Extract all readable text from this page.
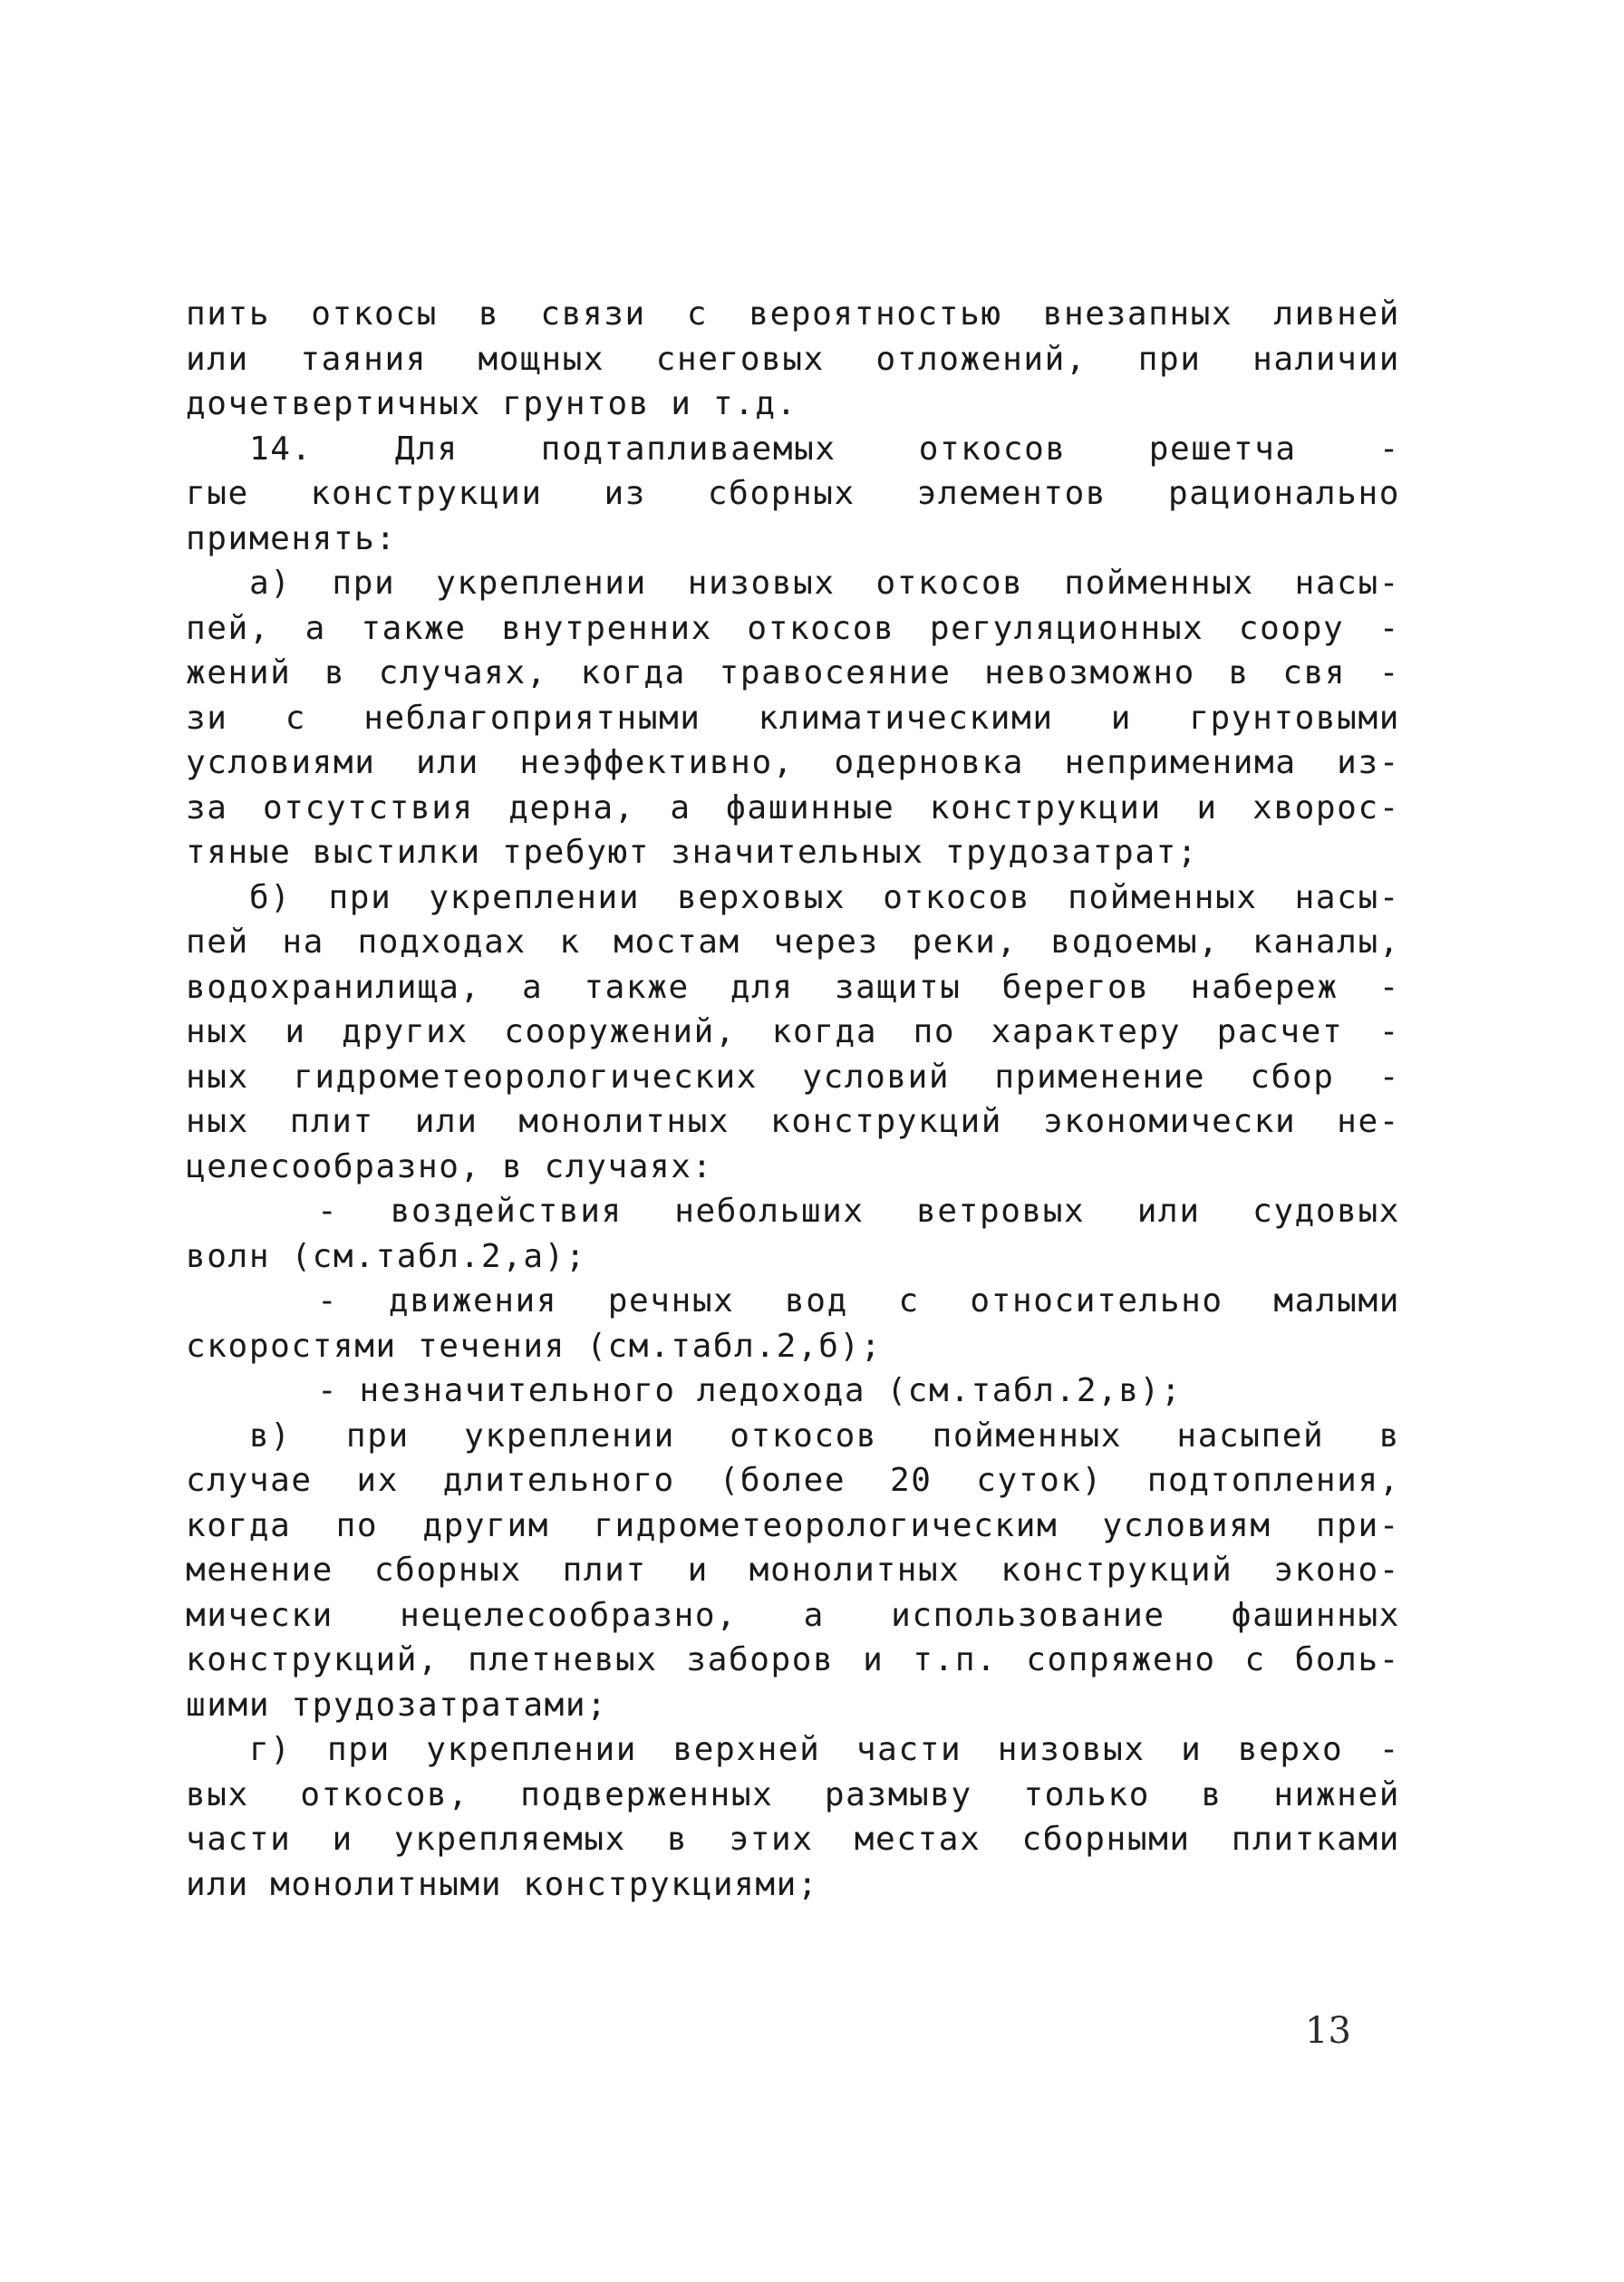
пить откосы в связи с вероятностью внезапных ливней
или таяния мощных снеговых отложений, при наличии
дочетвертичных грунтов и т.д.
14. Для подтапливаемых откосов решетча -
гые конструкции из сборных элементов рационально
применять:
а) при укреплении низовых откосов пойменных насы-
пей, а также внутренних откосов регуляционных соору -
жений в случаях, когда травосеяние невозможно в свя -
зи с неблагоприятными климатическими и грунтовыми
условиями или неэффективно, одерновка неприменима из-
за отсутствия дерна, а фашинные конструкции и хворос-
тяные выстилки требуют значительных трудозатрат;
б) при укреплении верховых откосов пойменных насы-
пей на подходах к мостам через реки, водоемы, каналы,
водохранилища, а также для защиты берегов набереж -
ных и других сооружений, когда по характеру расчет -
ных гидрометеорологических условий применение сбор -
ных плит или монолитных конструкций экономически не-
целесообразно, в случаях:
- воздействия небольших ветровых или судовых
волн (см.табл.2,а);
- движения речных вод с относительно малыми
скоростями течения (см.табл.2,б);
- незначительного ледохода (см.табл.2,в);
в) при укреплении откосов пойменных насыпей в
случае их длительного (более 20 суток) подтопления,
когда по другим гидрометеорологическим условиям при-
менение сборных плит и монолитных конструкций эконо-
мически нецелесообразно, а использование фашинных
конструкций, плетневых заборов и т.п. сопряжено с боль-
шими трудозатратами;
г) при укреплении верхней части низовых и верхо -
вых откосов, подверженных размыву только в нижней
части и укрепляемых в этих местах сборными плитками
или монолитными конструкциями;
13
